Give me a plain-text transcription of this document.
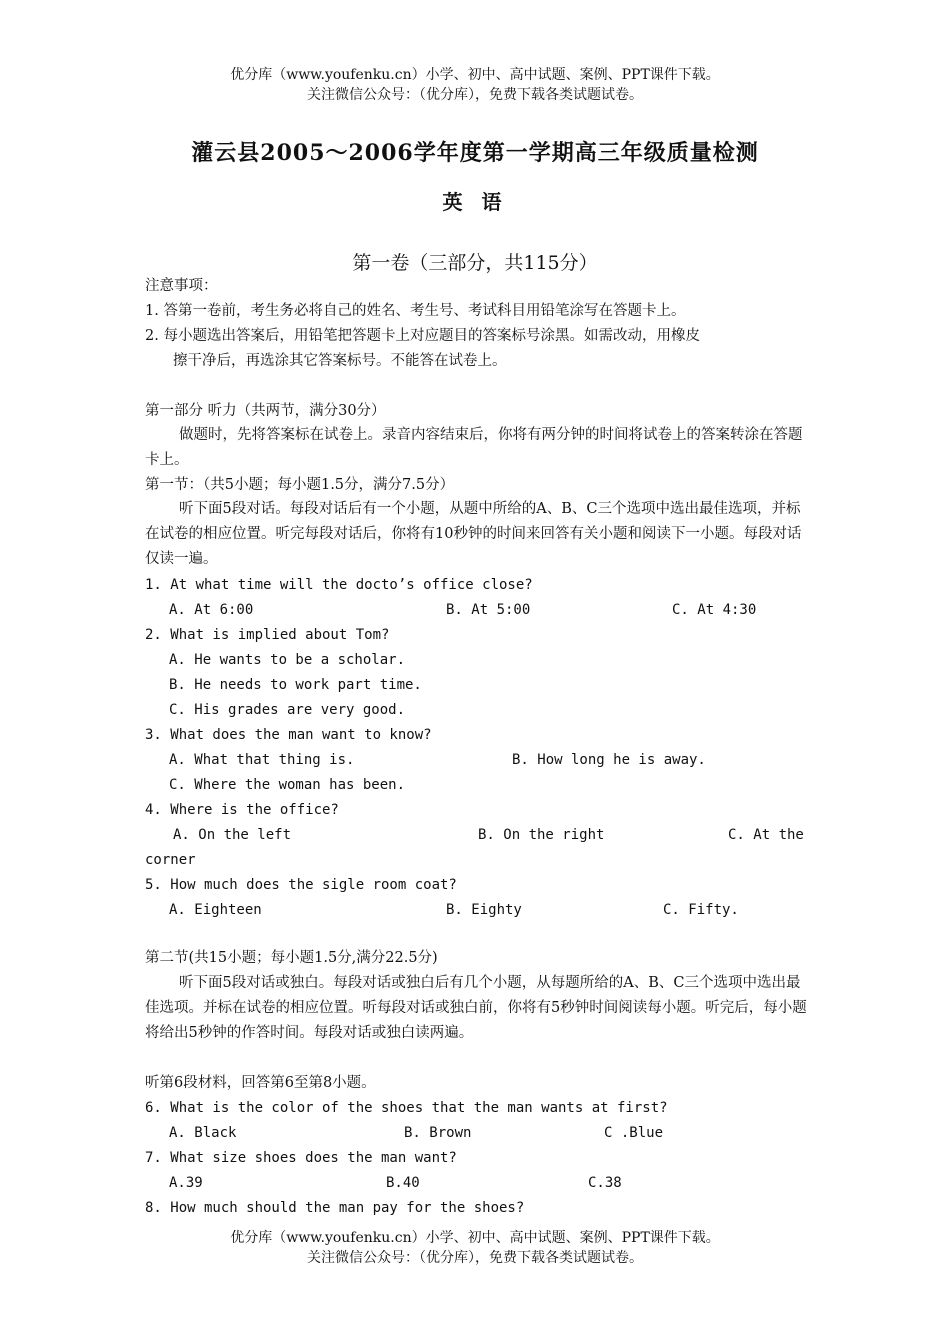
优分库（www.youfenku.cn）小学、初中、高中试题、案例、PPT课件下载。
关注微信公众号：（优分库），免费下载各类试题试卷。
灌云县2005～2006学年度第一学期高三年级质量检测
英 语
第一卷（三部分，共115分）
注意事项：
1. 答第一卷前，考生务必将自己的姓名、考生号、考试科目用铅笔涂写在答题卡上。
2. 每小题选出答案后，用铅笔把答题卡上对应题目的答案标号涂黑。如需改动，用橡皮
擦干净后，再选涂其它答案标号。不能答在试卷上。
第一部分 听力（共两节，满分30分）
做题时，先将答案标在试卷上。录音内容结束后，你将有两分钟的时间将试卷上的答案转涂在答题卡上。
第一节：（共5小题；每小题1.5分，满分7.5分）
听下面5段对话。每段对话后有一个小题，从题中所给的A、B、C三个选项中选出最佳选项，并标在试卷的相应位置。听完每段对话后，你将有10秒钟的时间来回答有关小题和阅读下一小题。每段对话仅读一遍。
1. At what time will the docto’s office close?
A. At 6:00	B. At 5:00	C. At 4:30
2. What is implied about Tom?
A. He wants to be a scholar.
B. He needs to work part time.
C. His grades are very good.
3. What does the man want to know?
A. What that thing is.	B. How long he is away.
C. Where the woman has been.
4. Where is the office?
A. On the left	B. On the right	C. At the
corner
5. How much does the sigle room coat?
A. Eighteen	B. Eighty	C. Fifty.
第二节(共15小题；每小题1.5分,满分22.5分)
听下面5段对话或独白。每段对话或独白后有几个小题，从每题所给的A、B、C三个选项中选出最佳选项。并标在试卷的相应位置。听每段对话或独白前，你将有5秒钟时间阅读每小题。听完后，每小题将给出5秒钟的作答时间。每段对话或独白读两遍。
听第6段材料，回答第6至第8小题。
6. What is the color of the shoes that the man wants at first?
A. Black	B. Brown	C .Blue
7. What size shoes does the man want?
A.39	B.40	C.38
8. How much should the man pay for the shoes?
优分库（www.youfenku.cn）小学、初中、高中试题、案例、PPT课件下载。
关注微信公众号：（优分库），免费下载各类试题试卷。
